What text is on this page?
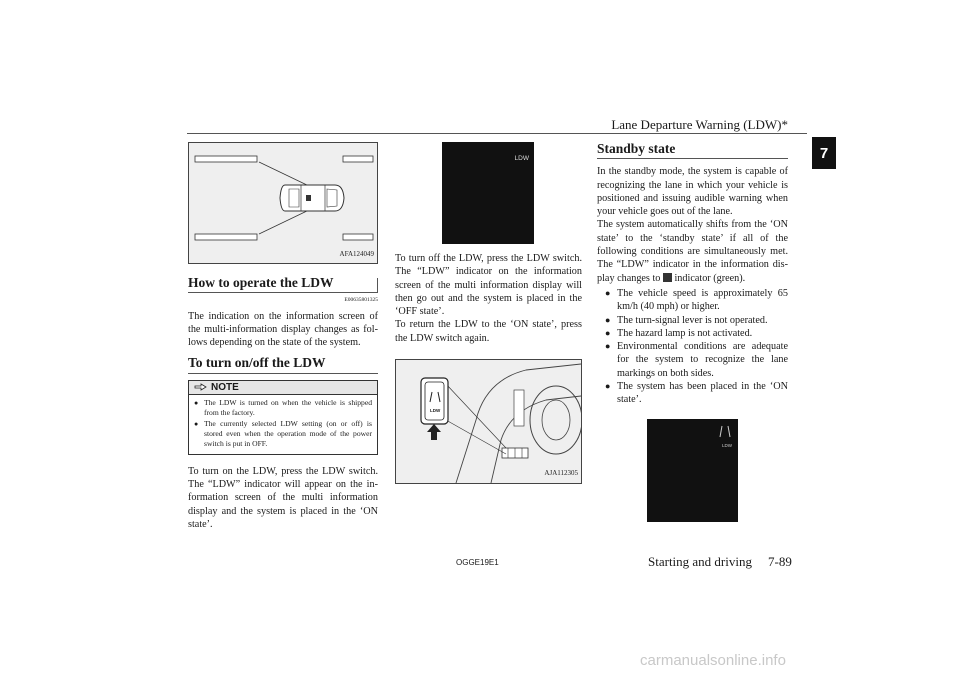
Lane Departure Warning (LDW)*
7
AFA124049
How to operate the LDW
E00635801325

The indication on the information screen of the multi-information display changes as fol-lows depending on the state of the system.

To turn on/off the LDW
NOTE
● The LDW is turned on when the vehicle is shipped from the factory.
● The currently selected LDW setting (on or off) is stored even when the operation mode of the power switch is put in OFF.

To turn on the LDW, press the LDW switch. The “LDW” indicator will appear on the in-formation screen of the multi information display and the system is placed in the ‘ON state’.

LDW

To turn off the LDW, press the LDW switch. The “LDW” indicator on the information screen of the multi information display will then go out and the system is placed in the ‘OFF state’.

To return the LDW to the ‘ON state’, press the LDW switch again.

LDW
AJA112305
Standby state

In the standby mode, the system is capable of recognizing the lane in which your vehicle is positioned and issuing audible warning when your vehicle goes out of the lane.

The system automatically shifts from the ‘ON state’ to the ‘standby state’ if all of the following conditions are simultaneously met. The “LDW” indicator in the information dis-play changes to indicator (green).

● The vehicle speed is approximately 65 km/h (40 mph) or higher.
● The turn-signal lever is not operated.
● The hazard lamp is not activated.
● Environmental conditions are adequate for the system to recognize the lane markings on both sides.
● The system has been placed in the ‘ON state’.
LDW
OGGE19E1	Starting and driving 7-89
carmanualsonline.info
